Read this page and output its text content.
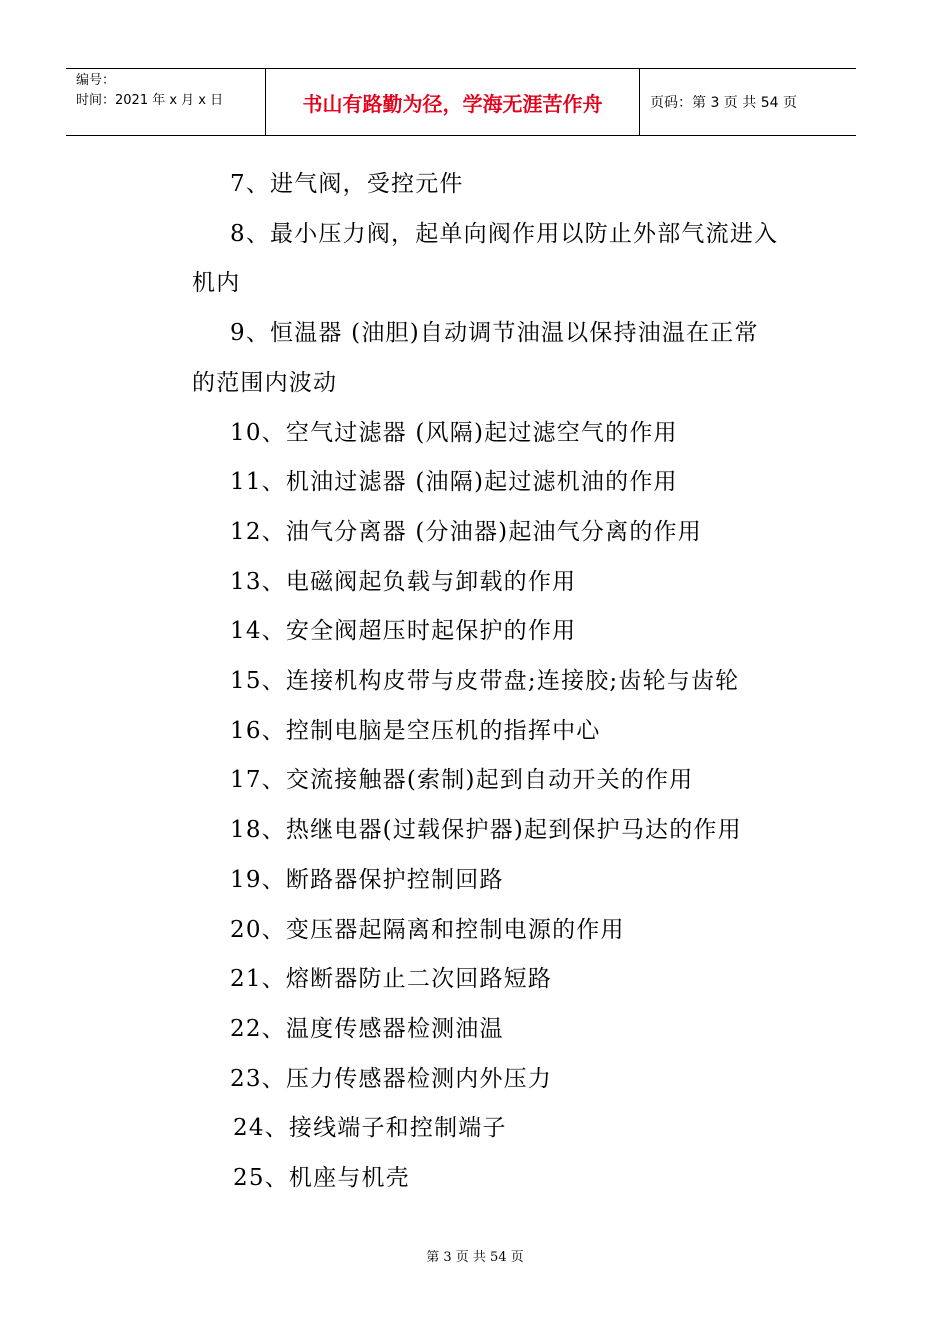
编号：
时间：2021 年 x 月 x 日	书山有路勤为径，学海无涯苦作舟	页码：第 3 页 共 54 页

7、进气阀，受控元件

8、最小压力阀，起单向阀作用以防止外部气流进入机内

9、恒温器 (油胆)自动调节油温以保持油温在正常的范围内波动

10、空气过滤器 (风隔)起过滤空气的作用

11、机油过滤器 (油隔)起过滤机油的作用

12、油气分离器 (分油器)起油气分离的作用

13、电磁阀起负载与卸载的作用

14、安全阀超压时起保护的作用

15、连接机构皮带与皮带盘;连接胶;齿轮与齿轮

16、控制电脑是空压机的指挥中心

17、交流接触器(索制)起到自动开关的作用

18、热继电器(过载保护器)起到保护马达的作用

19、断路器保护控制回路

20、变压器起隔离和控制电源的作用

21、熔断器防止二次回路短路

22、温度传感器检测油温

23、压力传感器检测内外压力

24、接线端子和控制端子

25、机座与机壳

第 3 页 共 54 页
